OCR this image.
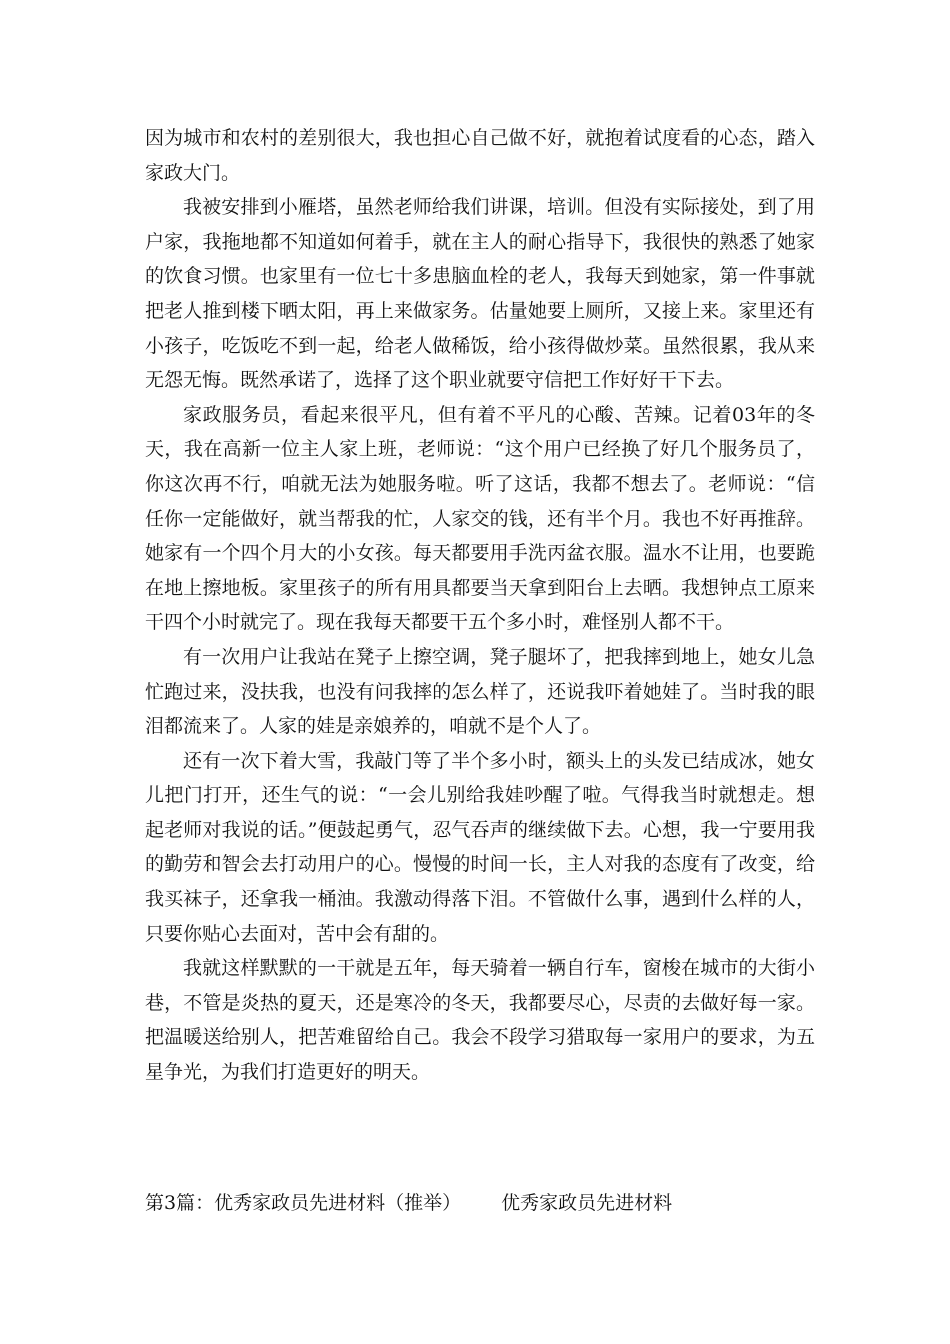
因为城市和农村的差别很大，我也担心自己做不好，就抱着试度看的心态，踏入家政大门。

我被安排到小雁塔，虽然老师给我们讲课，培训。但没有实际接处，到了用户家，我拖地都不知道如何着手，就在主人的耐心指导下，我很快的熟悉了她家的饮食习惯。也家里有一位七十多患脑血栓的老人，我每天到她家，第一件事就把老人推到楼下晒太阳，再上来做家务。估量她要上厕所，又接上来。家里还有小孩子，吃饭吃不到一起，给老人做稀饭，给小孩得做炒菜。虽然很累，我从来无怨无悔。既然承诺了，选择了这个职业就要守信把工作好好干下去。

家政服务员，看起来很平凡，但有着不平凡的心酸、苦辣。记着03年的冬天，我在高新一位主人家上班，老师说：“这个用户已经换了好几个服务员了，你这次再不行，咱就无法为她服务啦。听了这话，我都不想去了。老师说：“信任你一定能做好，就当帮我的忙，人家交的钱，还有半个月。我也不好再推辞。她家有一个四个月大的小女孩。每天都要用手洗丙盆衣服。温水不让用，也要跪在地上擦地板。家里孩子的所有用具都要当天拿到阳台上去晒。我想钟点工原来干四个小时就完了。现在我每天都要干五个多小时，难怪别人都不干。

有一次用户让我站在凳子上擦空调，凳子腿坏了，把我摔到地上，她女儿急忙跑过来，没扶我，也没有问我摔的怎么样了，还说我吓着她娃了。当时我的眼泪都流来了。人家的娃是亲娘养的，咱就不是个人了。

还有一次下着大雪，我敲门等了半个多小时，额头上的头发已结成冰，她女儿把门打开，还生气的说：“一会儿别给我娃吵醒了啦。气得我当时就想走。想起老师对我说的话。”便鼓起勇气，忍气吞声的继续做下去。心想，我一宁要用我的勤劳和智会去打动用户的心。慢慢的时间一长，主人对我的态度有了改变，给我买袜子，还拿我一桶油。我激动得落下泪。不管做什么事，遇到什么样的人，只要你贴心去面对，苦中会有甜的。

我就这样默默的一干就是五年，每天骑着一辆自行车，窗梭在城市的大街小巷，不管是炎热的夏天，还是寒冷的冬天，我都要尽心，尽责的去做好每一家。把温暖送给别人，把苦难留给自己。我会不段学习猎取每一家用户的要求，为五星争光，为我们打造更好的明天。

第3篇：优秀家政员先进材料（推举） 优秀家政员先进材料
